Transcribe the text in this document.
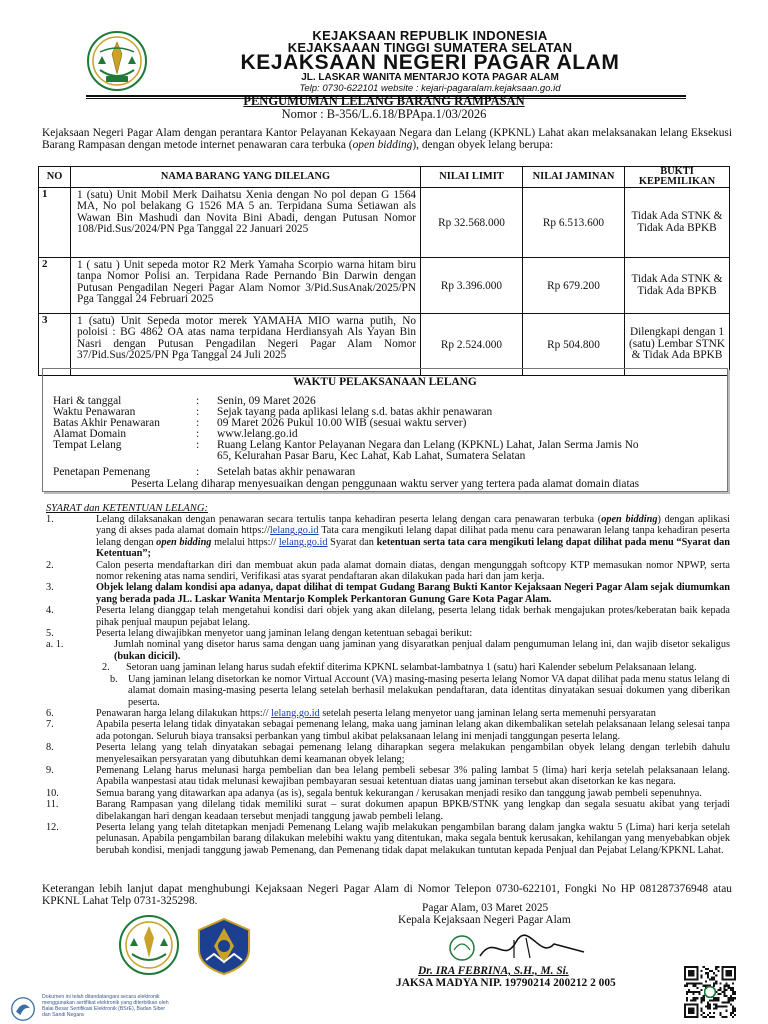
KEJAKSAAN REPUBLIK INDONESIA
KEJAKSAAAN TINGGI SUMATERA SELATAN
KEJAKSAAN NEGERI PAGAR ALAM
JL. LASKAR WANITA MENTARJO KOTA PAGAR ALAM
Telp: 0730-622101 website : kejari-pagaralam.kejaksaan.go.id
PENGUMUMAN LELANG BARANG RAMPASAN
Nomor : B-356/L.6.18/BPApa.1/03/2026
Kejaksaan Negeri Pagar Alam dengan perantara Kantor Pelayanan Kekayaan Negara dan Lelang (KPKNL) Lahat akan melaksanakan lelang Eksekusi Barang Rampasan dengan metode internet penawaran cara terbuka (open bidding), dengan obyek lelang berupa:
NO	NAMA BARANG YANG DILELANG	NILAI LIMIT	NILAI JAMINAN	BUKTI KEPEMILIKAN
1	1 (satu) Unit Mobil Merk Daihatsu Xenia dengan No pol depan G 1564 MA, No pol belakang G 1526 MA 5 an. Terpidana Suma Setiawan als Wawan Bin Mashudi dan Novita Bini Abadi, dengan Putusan Nomor 108/Pid.Sus/2024/PN Pga Tanggal 22 Januari 2025	Rp 32.568.000	Rp 6.513.600	Tidak Ada STNK & Tidak Ada BPKB
2	1 ( satu ) Unit sepeda motor R2 Merk Yamaha Scorpio warna hitam biru tanpa Nomor Polisi an. Terpidana Rade Pernando Bin Darwin dengan Putusan Pengadilan Negeri Pagar Alam Nomor 3/Pid.SusAnak/2025/PN Pga Tanggal 24 Februari 2025	Rp 3.396.000	Rp 679.200	Tidak Ada STNK & Tidak Ada BPKB
3	1 (satu) Unit Sepeda motor merek YAMAHA MIO warna putih, No poloisi : BG 4862 OA atas nama terpidana Herdiansyah Als Yayan Bin Nasri dengan Putusan Pengadilan Negeri Pagar Alam Nomor 37/Pid.Sus/2025/PN Pga Tanggal 24 Juli 2025	Rp 2.524.000	Rp 504.800	Dilengkapi dengan 1 (satu) Lembar STNK & Tidak Ada BPKB
WAKTU PELAKSANAAN LELANG
Hari & tanggal	: Senin, 09 Maret 2026
Waktu Penawaran	: Sejak tayang pada aplikasi lelang s.d. batas akhir penawaran
Batas Akhir Penawaran	: 09 Maret 2026 Pukul 10.00 WIB (sesuai waktu server)
Alamat Domain	: www.lelang.go.id
Tempat Lelang	: Ruang Lelang Kantor Pelayanan Negara dan Lelang (KPKNL) Lahat, Jalan Serma Jamis No 65, Kelurahan Pasar Baru, Kec Lahat, Kab Lahat, Sumatera Selatan
Penetapan Pemenang	: Setelah batas akhir penawaran
Peserta Lelang diharap menyesuaikan dengan penggunaan waktu server yang tertera pada alamat domain diatas
SYARAT dan KETENTUAN LELANG:
1.	Lelang dilaksanakan dengan penawaran secara tertulis tanpa kehadiran peserta lelang dengan cara penawaran terbuka (open bidding) dengan aplikasi yang di akses pada alamat domain https://lelang.go.id Tata cara mengikuti lelang dapat dilihat pada menu cara penawaran lelang tanpa kehadiran peserta lelang dengan open bidding melalui https:// lelang.go.id Syarat dan ketentuan serta tata cara mengikuti lelang dapat dilihat pada menu “Syarat dan Ketentuan”;
2.	Calon peserta mendaftarkan diri dan membuat akun pada alamat domain diatas, dengan mengunggah softcopy KTP memasukan nomor NPWP, serta nomor rekening atas nama sendiri, Verifikasi atas syarat pendaftaran akan dilakukan pada hari dan jam kerja.
3.	Objek lelang dalam kondisi apa adanya, dapat dilihat di tempat Gudang Barang Bukti Kantor Kejaksaan Negeri Pagar Alam sejak diumumkan yang berada pada JL. Laskar Wanita Mentarjo Komplek Perkantoran Gunung Gare Kota Pagar Alam.
4.	Peserta lelang dianggap telah mengetahui kondisi dari objek yang akan dilelang, peserta lelang tidak berhak mengajukan protes/keberatan baik kepada pihak penjual maupun pejabat lelang.
5.	Peserta lelang diwajibkan menyetor uang jaminan lelang dengan ketentuan sebagai berikut:
a. 1.	Jumlah nominal yang disetor harus sama dengan uang jaminan yang disyaratkan penjual dalam pengumuman lelang ini, dan wajib disetor sekaligus (bukan dicicil).
2. Setoran uang jaminan lelang harus sudah efektif diterima KPKNL selambat-lambatnya 1 (satu) hari Kalender sebelum Pelaksanaan lelang.
b. Uang jaminan lelang disetorkan ke nomor Virtual Account (VA) masing-masing peserta lelang Nomor VA dapat dilihat pada menu status lelang di alamat domain masing-masing peserta lelang setelah berhasil melakukan pendaftaran, data identitas dinyatakan sesuai dokumen yang diberikan peserta.
6.	Penawaran harga lelang dilakukan https:// lelang.go.id setelah peserta lelang menyetor uang jaminan lelang serta memenuhi persyaratan
7.	Apabila peserta lelang tidak dinyatakan sebagai pemenang lelang, maka uang jaminan lelang akan dikembalikan setelah pelaksanaan lelang selesai tanpa ada potongan. Seluruh biaya transaksi perbankan yang timbul akibat pelaksanaan lelang ini menjadi tanggungan peserta lelang.
8.	Peserta lelang yang telah dinyatakan sebagai pemenang lelang diharapkan segera melakukan pengambilan obyek lelang dengan terlebih dahulu menyelesaikan persyaratan yang dibutuhkan demi keamanan obyek lelang;
9.	Pemenang Lelang harus melunasi harga pembelian dan bea lelang pembeli sebesar 3% paling lambat 5 (lima) hari kerja setelah pelaksanaan lelang. Apabila wanpestasi atau tidak melunasi kewajiban pembayaran sesuai ketentuan diatas uang jaminan tersebut akan disetorkan ke kas negara.
10.	Semua barang yang ditawarkan apa adanya (as is), segala bentuk kekurangan / kerusakan menjadi resiko dan tanggung jawab pembeli sepenuhnya.
11.	Barang Rampasan yang dilelang tidak memiliki surat – surat dokumen apapun BPKB/STNK yang lengkap dan segala sesuatu akibat yang terjadi dibelakangan hari dengan keadaan tersebut menjadi tanggung jawab pembeli lelang.
12.	Peserta lelang yang telah ditetapkan menjadi Pemenang Lelang wajib melakukan pengambilan barang dalam jangka waktu 5 (Lima) hari kerja setelah pelunasan. Apabila pengambilan barang dilakukan melebihi waktu yang ditentukan, maka segala bentuk kerusakan, kehilangan yang menyebabkan objek berubah kondisi, menjadi tanggung jawab Pemenang, dan Pemenang tidak dapat melakukan tuntutan kepada Penjual dan Pejabat Lelang/KPKNL Lahat.
Keterangan lebih lanjut dapat menghubungi Kejaksaan Negeri Pagar Alam di Nomor Telepon 0730-622101, Fongki No HP 081287376948 atau KPKNL Lahat Telp 0731-325298.
Pagar Alam, 03 Maret 2025
Kepala Kejaksaan Negeri Pagar Alam
Dr. IRA FEBRINA, S.H., M. Si.
JAKSA MADYA NIP. 19790214 200212 2 005
Dokumen ini telah ditandatangani secara elektronik menggunakan sertifikat elektronik yang diterbitkan oleh Balai Besar Sertifikasi Elektronik (BSrE), Badan Siber dan Sandi Negara
